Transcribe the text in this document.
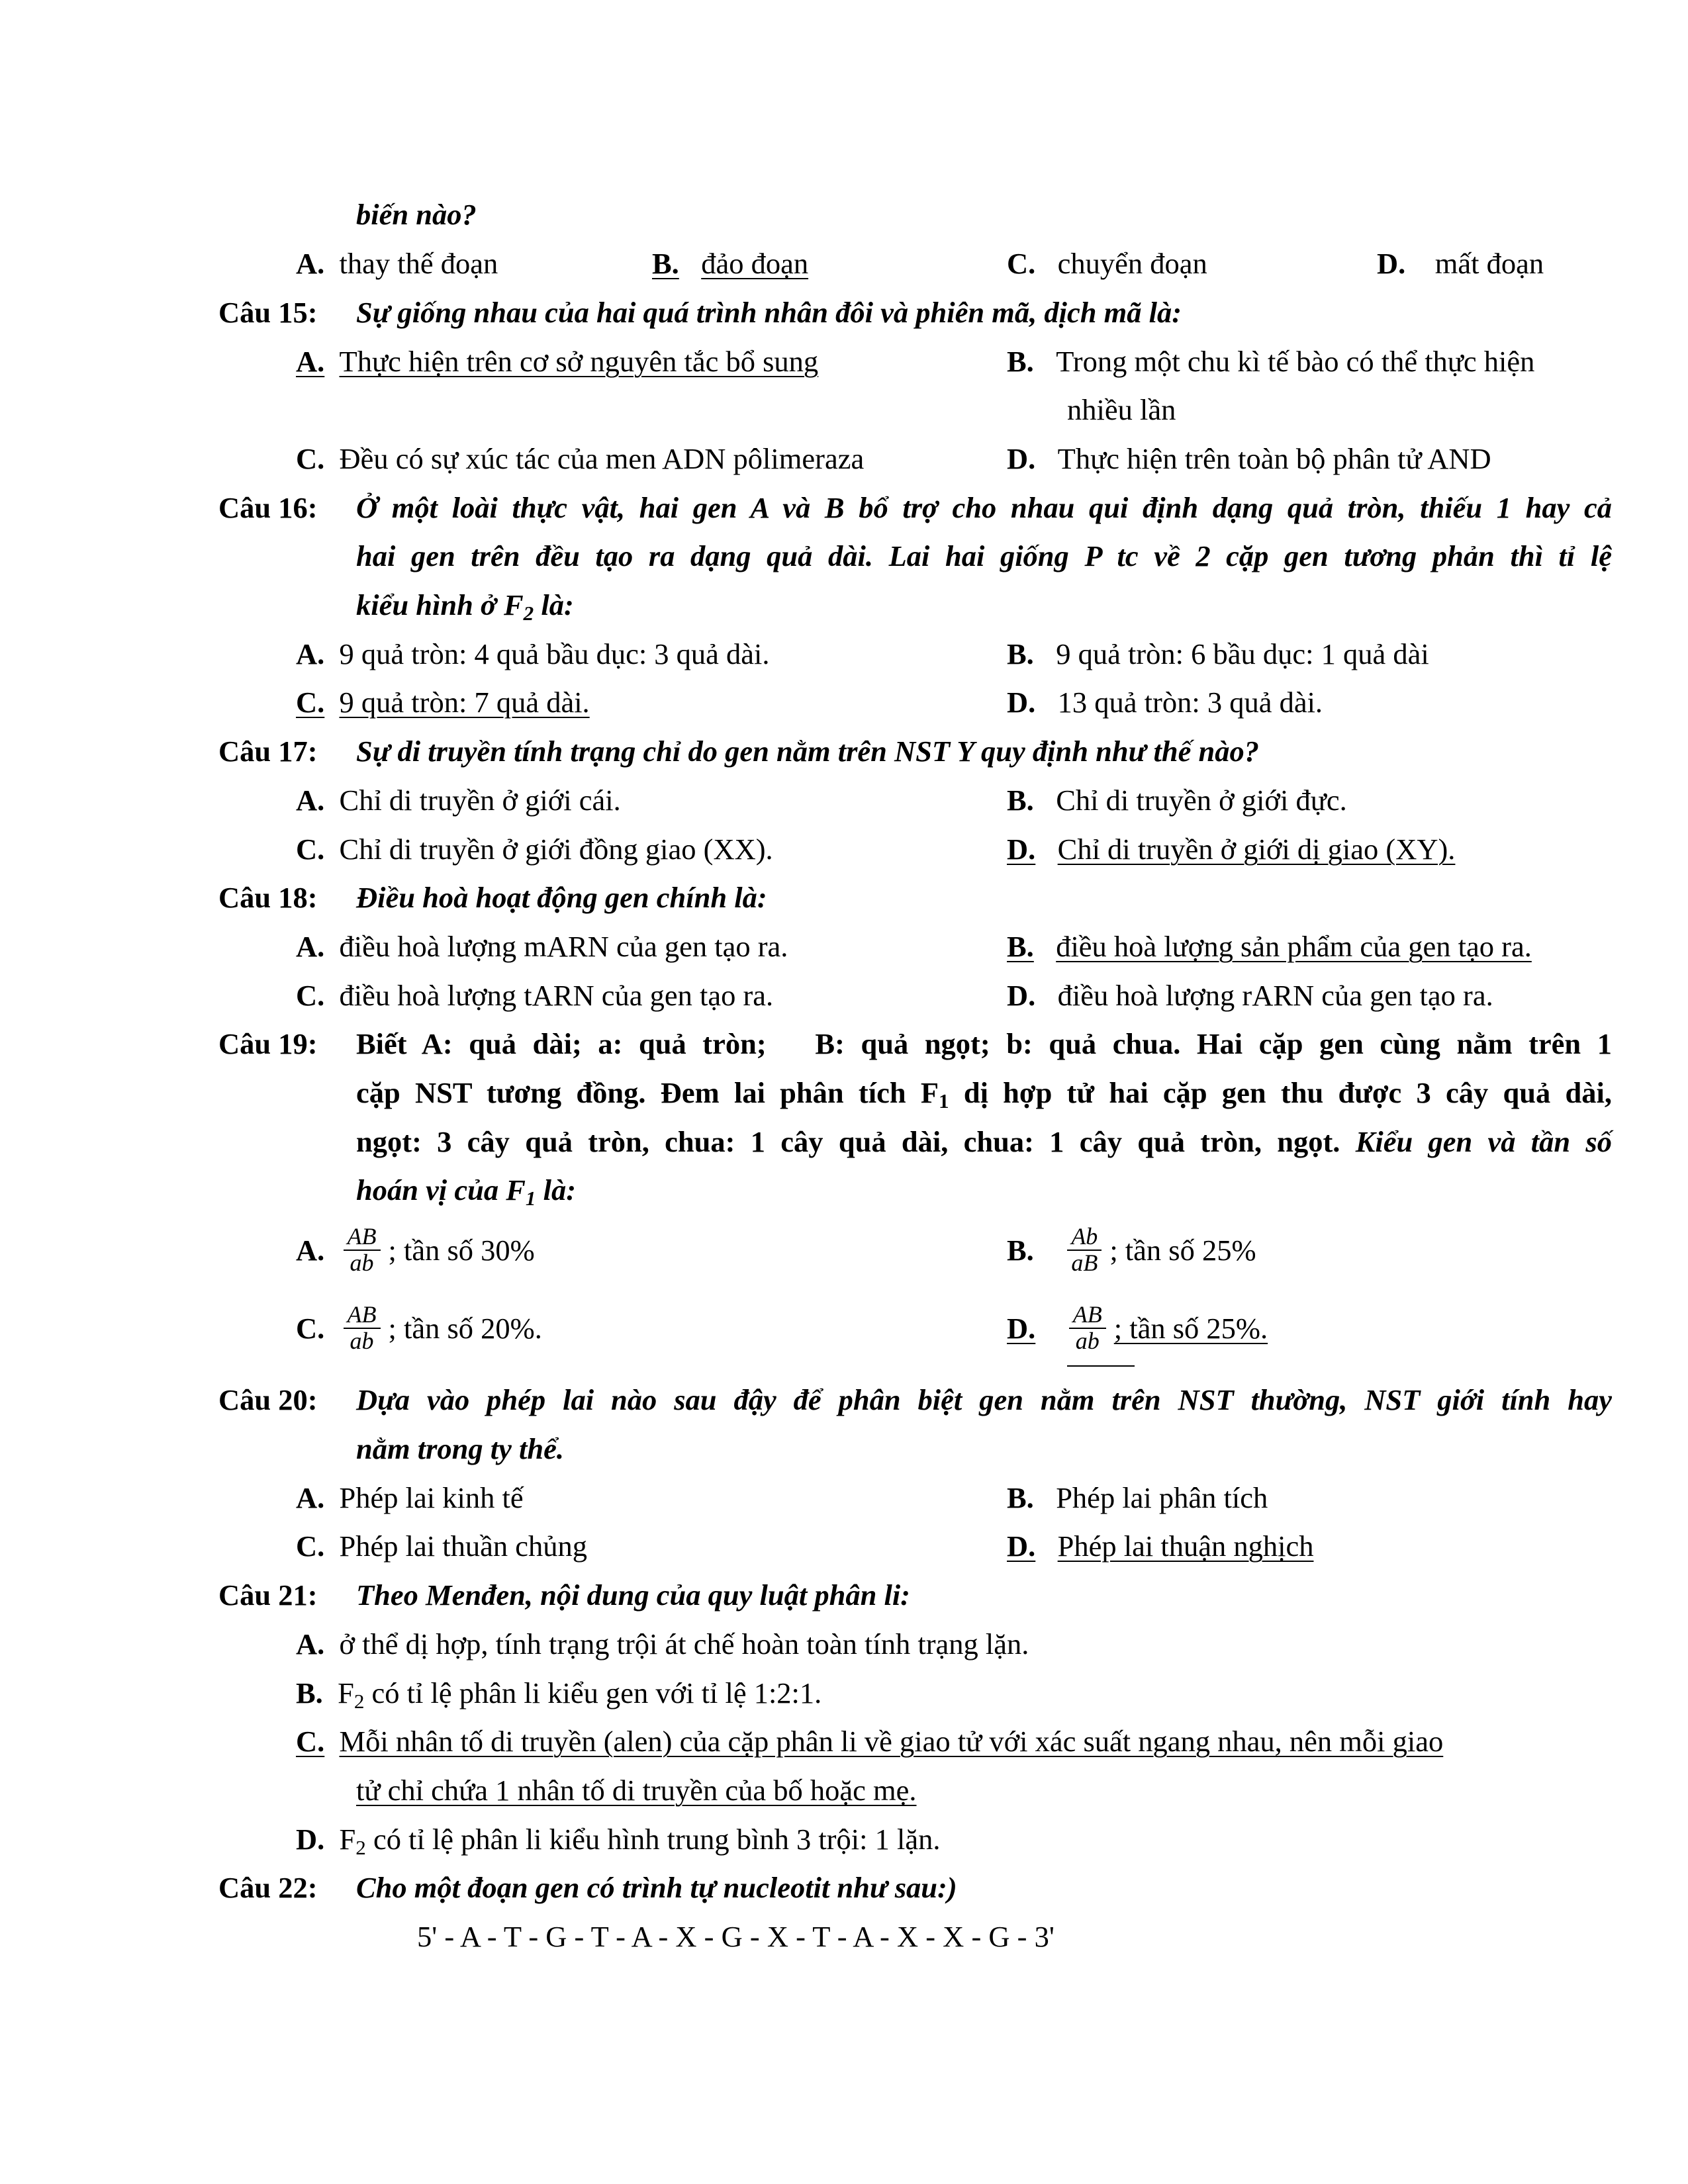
biến nào?
A. thay thế đoạn	B. đảo đoạn	C. chuyển đoạn	D. mất đoạn
Câu 15: Sự giống nhau của hai quá trình nhân đôi và phiên mã, dịch mã là:
A. Thực hiện trên cơ sở nguyên tắc bổ sung	B. Trong một chu kì tế bào có thể thực hiện
nhiều lần
C. Đều có sự xúc tác của men ADN pôlimeraza	D. Thực hiện trên toàn bộ phân tử AND
Câu 16: Ở một loài thực vật, hai gen A và B bổ trợ cho nhau qui định dạng quả tròn, thiếu 1 hay cả
hai gen trên đều tạo ra dạng quả dài. Lai hai giống P tc về 2 cặp gen tương phản thì tỉ lệ
kiểu hình ở $F_2$ là:
A. 9 quả tròn: 4 quả bầu dục: 3 quả dài.	B. 9 quả tròn: 6 bầu dục: 1 quả dài
C. 9 quả tròn: 7 quả dài.	D. 13 quả tròn: 3 quả dài.
Câu 17: Sự di truyền tính trạng chỉ do gen nằm trên NST Y quy định như thế nào?
A. Chỉ di truyền ở giới cái.	B. Chỉ di truyền ở giới đực.
C. Chỉ di truyền ở giới đồng giao (XX).	D. Chỉ di truyền ở giới dị giao (XY).
Câu 18: Điều hoà hoạt động gen chính là:
A. điều hoà lượng mARN của gen tạo ra.	B. điều hoà lượng sản phẩm của gen tạo ra.
C. điều hoà lượng tARN của gen tạo ra.	D. điều hoà lượng rARN của gen tạo ra.
Câu 19: Biết A: quả dài; a: quả tròn;   B: quả ngọt; b: quả chua. Hai cặp gen cùng nằm trên 1
cặp NST tương đồng. Đem lai phân tích $F_1$ dị hợp tử hai cặp gen thu được 3 cây quả dài,
ngọt: 3 cây quả tròn, chua: 1 cây quả dài, chua: 1 cây quả tròn, ngọt. Kiểu gen và tần số
hoán vị của $F_1$ là:
A.
$\frac{AB}{ab}$ ; tần số 30%	B.
$\frac{Ab}{aB}$ ; tần số 25%
C.
$\frac{AB}{ab}$ ; tần số 20%.	D.
$\frac{AB}{ab}$ ; tần số 25%.
Câu 20: Dựa vào phép lai nào sau đậy để phân biệt gen nằm trên NST thường, NST giới tính hay
nằm trong ty thể.
A. Phép lai kinh tế	B. Phép lai phân tích
C. Phép lai thuần chủng	D. Phép lai thuận nghịch
Câu 21: Theo Menđen, nội dung của quy luật phân li:
A. ở thể dị hợp, tính trạng trội át chế hoàn toàn tính trạng lặn.
B. $F_2$ có tỉ lệ phân li kiểu gen với tỉ lệ 1:2:1.
C. Mỗi nhân tố di truyền (alen) của cặp phân li về giao tử với xác suất ngang nhau, nên mỗi giao
tử chỉ chứa 1 nhân tố di truyền của bố hoặc mẹ.
D. $F_2$ có tỉ lệ phân li kiểu hình trung bình 3 trội: 1 lặn.
Câu 22: Cho một đoạn gen có trình tự nucleotit như sau:)
5' - A - T - G - T - A - X - G - X - T - A - X - X - G - 3'
